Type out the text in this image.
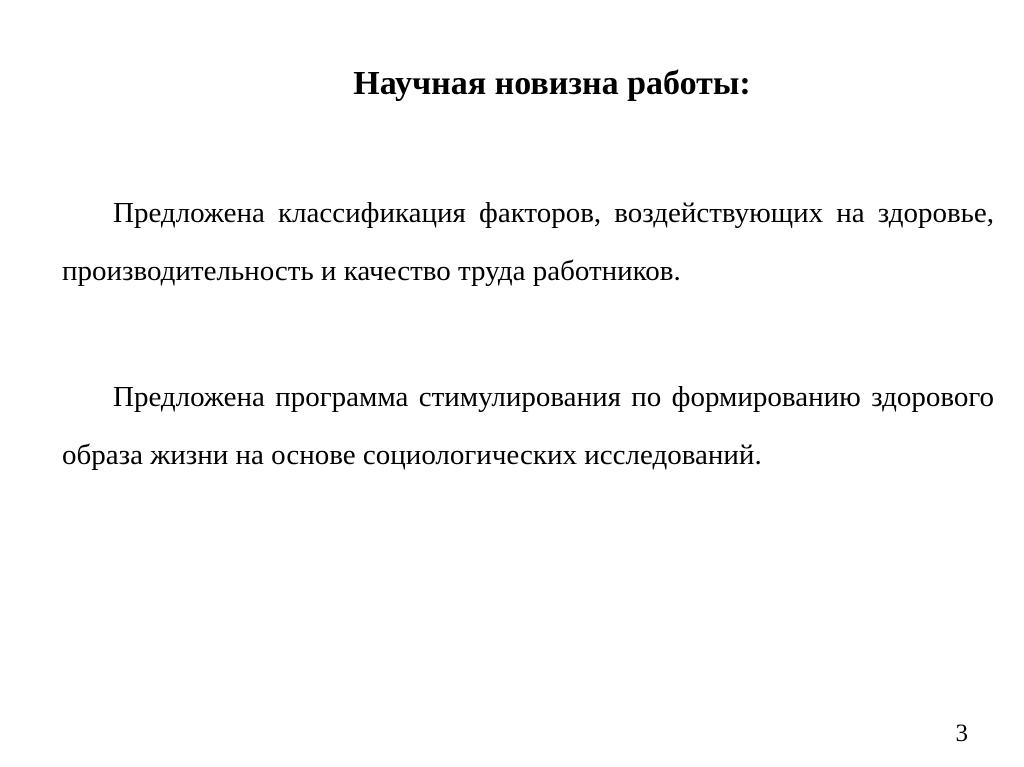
Научная новизна работы:

Предложена классификация факторов, воздействующих на здоровье, производительность и качество труда работников.

Предложена программа стимулирования по формированию здорового образа жизни на основе социологических исследований.

3
